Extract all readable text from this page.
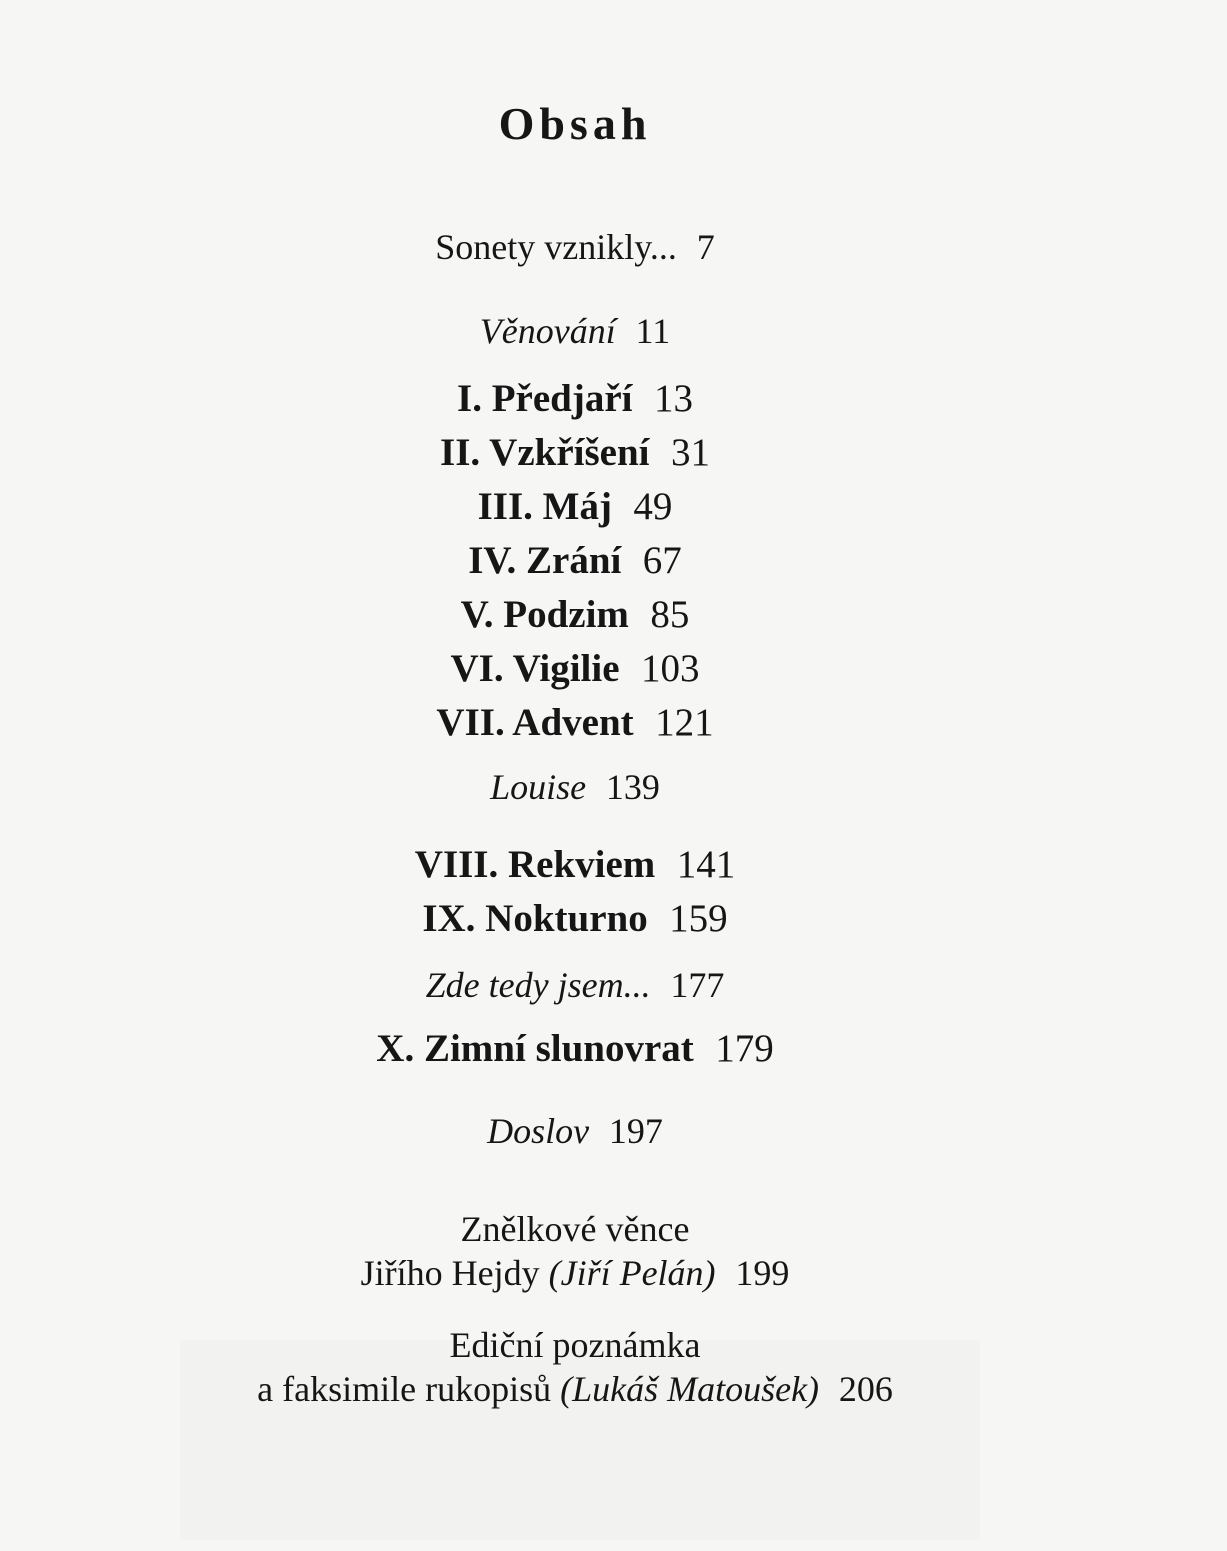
Obsah
Sonety vznikly... 7
Věnování 11
I. Předjaří 13
II. Vzkříšení 31
III. Máj 49
IV. Zrání 67
V. Podzim 85
VI. Vigilie 103
VII. Advent 121
Louise 139
VIII. Rekviem 141
IX. Nokturno 159
Zde tedy jsem... 177
X. Zimní slunovrat 179
Doslov 197
Znělkové věnce
Jiřího Hejdy (Jiří Pelán) 199
Ediční poznámka
a faksimile rukopisů (Lukáš Matoušek) 206
